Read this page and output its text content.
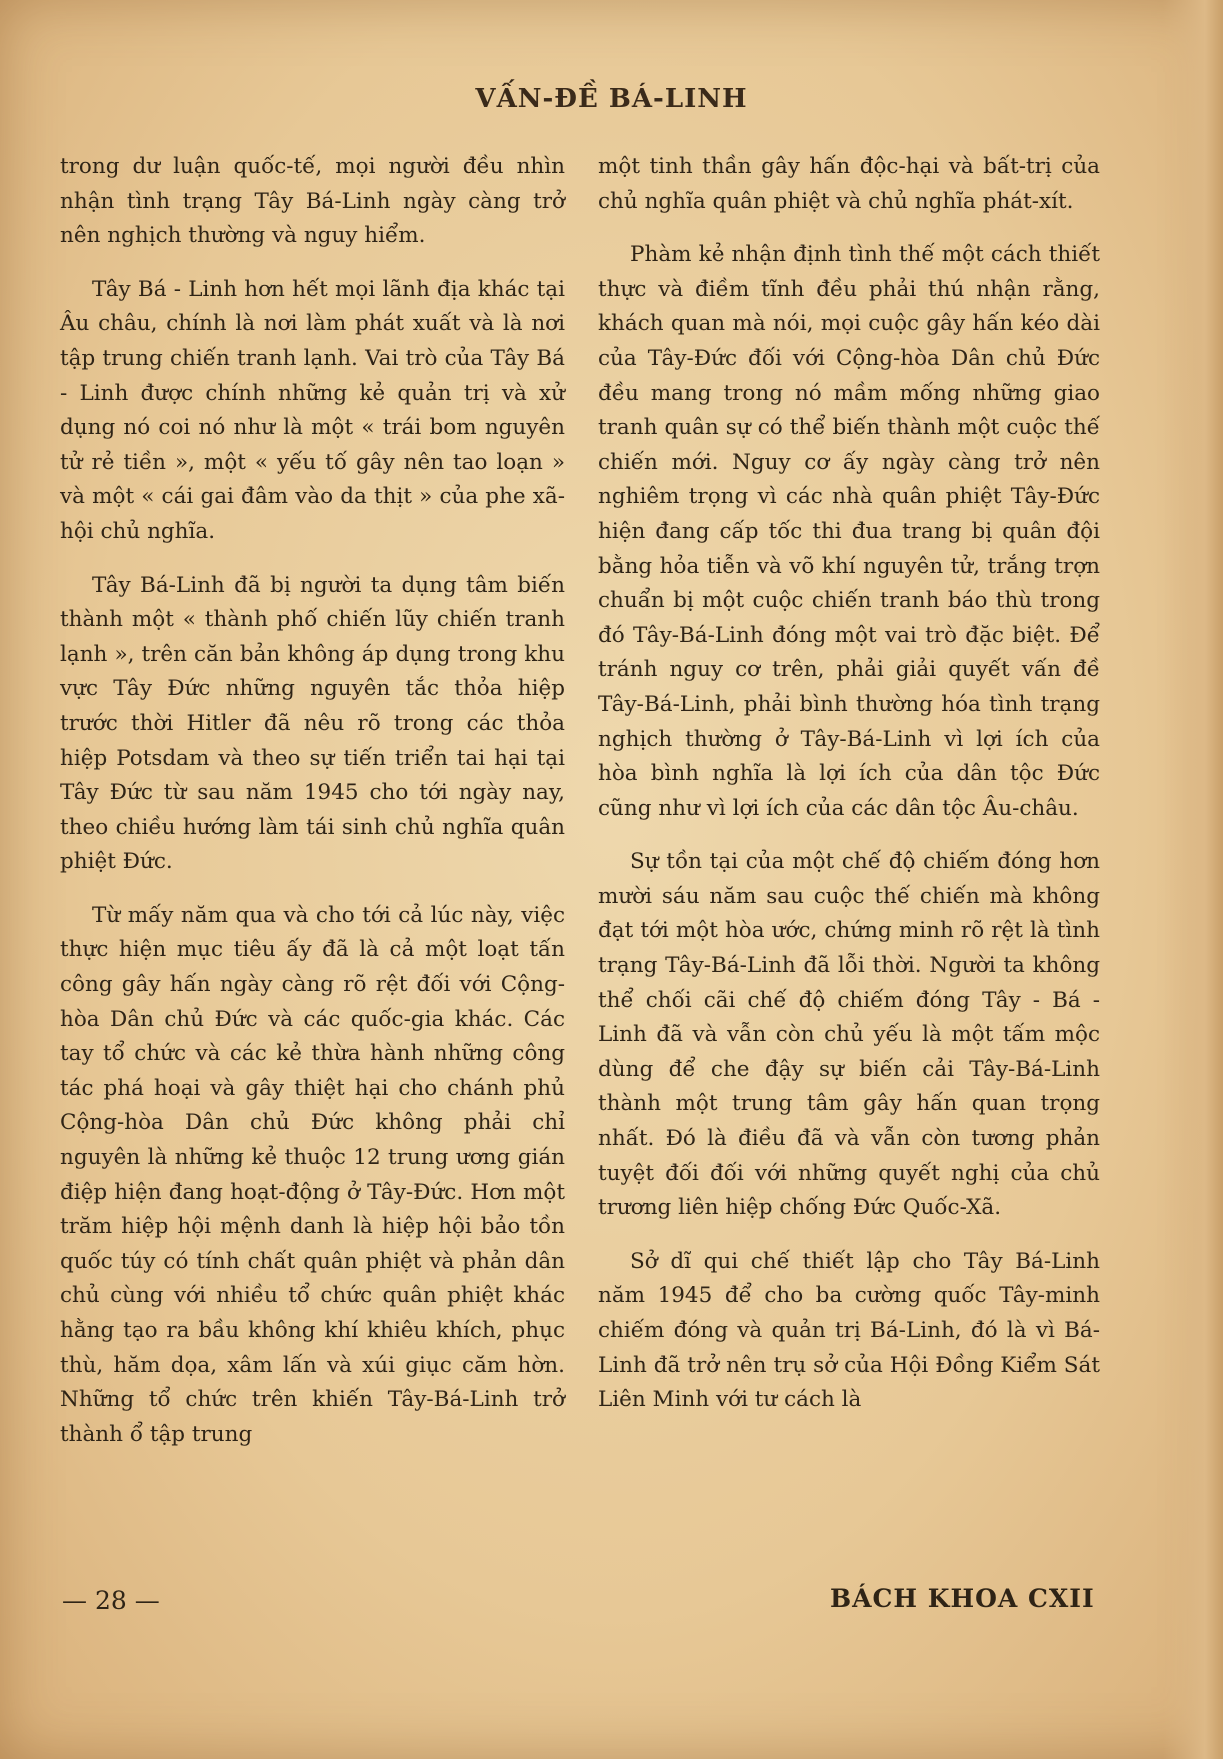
VẤN-ĐỀ BÁ-LINH

trong dư luận quốc-tế, mọi người đều nhìn nhận tình trạng Tây Bá-Linh ngày càng trở nên nghịch thường và nguy hiểm.

Tây Bá - Linh hơn hết mọi lãnh địa khác tại Âu châu, chính là nơi làm phát xuất và là nơi tập trung chiến tranh lạnh. Vai trò của Tây Bá - Linh được chính những kẻ quản trị và xử dụng nó coi nó như là một « trái bom nguyên tử rẻ tiền », một « yếu tố gây nên tao loạn » và một « cái gai đâm vào da thịt » của phe xã-hội chủ nghĩa.

Tây Bá-Linh đã bị người ta dụng tâm biến thành một « thành phố chiến lũy chiến tranh lạnh », trên căn bản không áp dụng trong khu vực Tây Đức những nguyên tắc thỏa hiệp trước thời Hitler đã nêu rõ trong các thỏa hiệp Potsdam và theo sự tiến triển tai hại tại Tây Đức từ sau năm 1945 cho tới ngày nay, theo chiều hướng làm tái sinh chủ nghĩa quân phiệt Đức.

Từ mấy năm qua và cho tới cả lúc này, việc thực hiện mục tiêu ấy đã là cả một loạt tấn công gây hấn ngày càng rõ rệt đối với Cộng-hòa Dân chủ Đức và các quốc-gia khác. Các tay tổ chức và các kẻ thừa hành những công tác phá hoại và gây thiệt hại cho chánh phủ Cộng-hòa Dân chủ Đức không phải chỉ nguyên là những kẻ thuộc 12 trung ương gián điệp hiện đang hoạt-động ở Tây-Đức. Hơn một trăm hiệp hội mệnh danh là hiệp hội bảo tồn quốc túy có tính chất quân phiệt và phản dân chủ cùng với nhiều tổ chức quân phiệt khác hằng tạo ra bầu không khí khiêu khích, phục thù, hăm dọa, xâm lấn và xúi giục căm hờn. Những tổ chức trên khiến Tây-Bá-Linh trở thành ổ tập trung

một tinh thần gây hấn độc-hại và bất-trị của chủ nghĩa quân phiệt và chủ nghĩa phát-xít.

Phàm kẻ nhận định tình thế một cách thiết thực và điềm tĩnh đều phải thú nhận rằng, khách quan mà nói, mọi cuộc gây hấn kéo dài của Tây-Đức đối với Cộng-hòa Dân chủ Đức đều mang trong nó mầm mống những giao tranh quân sự có thể biến thành một cuộc thế chiến mới. Nguy cơ ấy ngày càng trở nên nghiêm trọng vì các nhà quân phiệt Tây-Đức hiện đang cấp tốc thi đua trang bị quân đội bằng hỏa tiễn và võ khí nguyên tử, trắng trợn chuẩn bị một cuộc chiến tranh báo thù trong đó Tây-Bá-Linh đóng một vai trò đặc biệt. Để tránh nguy cơ trên, phải giải quyết vấn đề Tây-Bá-Linh, phải bình thường hóa tình trạng nghịch thường ở Tây-Bá-Linh vì lợi ích của hòa bình nghĩa là lợi ích của dân tộc Đức cũng như vì lợi ích của các dân tộc Âu-châu.

Sự tồn tại của một chế độ chiếm đóng hơn mười sáu năm sau cuộc thế chiến mà không đạt tới một hòa ước, chứng minh rõ rệt là tình trạng Tây-Bá-Linh đã lỗi thời. Người ta không thể chối cãi chế độ chiếm đóng Tây - Bá - Linh đã và vẫn còn chủ yếu là một tấm mộc dùng để che đậy sự biến cải Tây-Bá-Linh thành một trung tâm gây hấn quan trọng nhất. Đó là điều đã và vẫn còn tương phản tuyệt đối đối với những quyết nghị của chủ trương liên hiệp chống Đức Quốc-Xã.

Sở dĩ qui chế thiết lập cho Tây Bá-Linh năm 1945 để cho ba cường quốc Tây-minh chiếm đóng và quản trị Bá-Linh, đó là vì Bá-Linh đã trở nên trụ sở của Hội Đồng Kiểm Sát Liên Minh với tư cách là

— 28 —	BÁCH KHOA CXII
